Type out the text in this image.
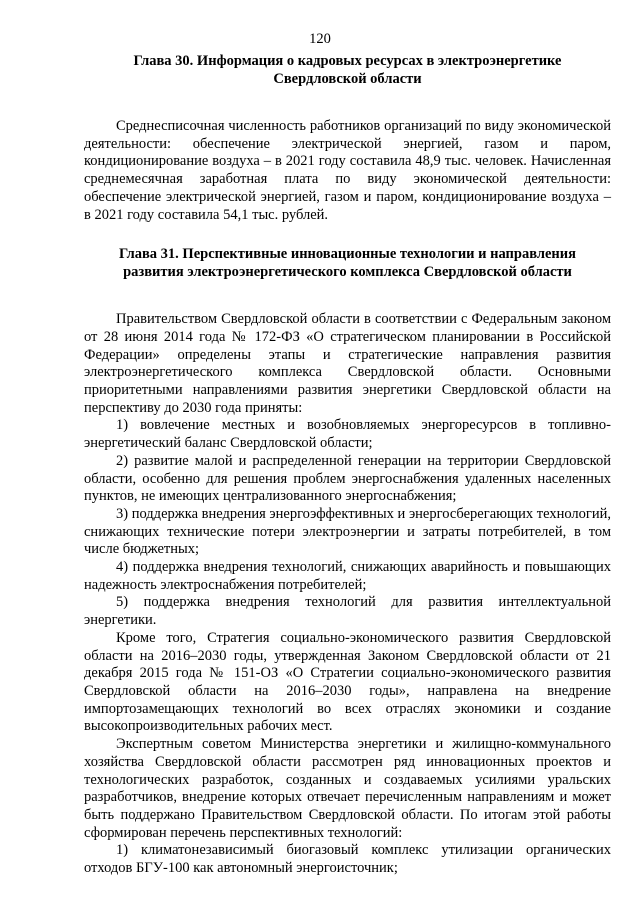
120
Глава 30. Информация о кадровых ресурсах в электроэнергетике
Свердловской области

Среднесписочная численность работников организаций по виду экономической деятельности: обеспечение электрической энергией, газом и паром, кондиционирование воздуха – в 2021 году составила 48,9 тыс. человек. Начисленная среднемесячная заработная плата по виду экономической деятельности: обеспечение электрической энергией, газом и паром, кондиционирование воздуха – в 2021 году составила 54,1 тыс. рублей.

Глава 31. Перспективные инновационные технологии и направления
развития электроэнергетического комплекса Свердловской области

Правительством Свердловской области в соответствии с Федеральным законом от 28 июня 2014 года № 172-ФЗ «О стратегическом планировании в Российской Федерации» определены этапы и стратегические направления развития электроэнергетического комплекса Свердловской области. Основными приоритетными направлениями развития энергетики Свердловской области на перспективу до 2030 года приняты:

1) вовлечение местных и возобновляемых энергоресурсов в топливно-энергетический баланс Свердловской области;

2) развитие малой и распределенной генерации на территории Свердловской области, особенно для решения проблем энергоснабжения удаленных населенных пунктов, не имеющих централизованного энергоснабжения;

3) поддержка внедрения энергоэффективных и энергосберегающих технологий, снижающих технические потери электроэнергии и затраты потребителей, в том числе бюджетных;

4) поддержка внедрения технологий, снижающих аварийность и повышающих надежность электроснабжения потребителей;

5) поддержка внедрения технологий для развития интеллектуальной энергетики.

Кроме того, Стратегия социально-экономического развития Свердловской области на 2016–2030 годы, утвержденная Законом Свердловской области от 21 декабря 2015 года № 151-ОЗ «О Стратегии социально-экономического развития Свердловской области на 2016–2030 годы», направлена на внедрение импортозамещающих технологий во всех отраслях экономики и создание высокопроизводительных рабочих мест.

Экспертным советом Министерства энергетики и жилищно-коммунального хозяйства Свердловской области рассмотрен ряд инновационных проектов и технологических разработок, созданных и создаваемых усилиями уральских разработчиков, внедрение которых отвечает перечисленным направлениям и может быть поддержано Правительством Свердловской области. По итогам этой работы сформирован перечень перспективных технологий:

1) климатонезависимый биогазовый комплекс утилизации органических отходов БГУ-100 как автономный энергоисточник;
